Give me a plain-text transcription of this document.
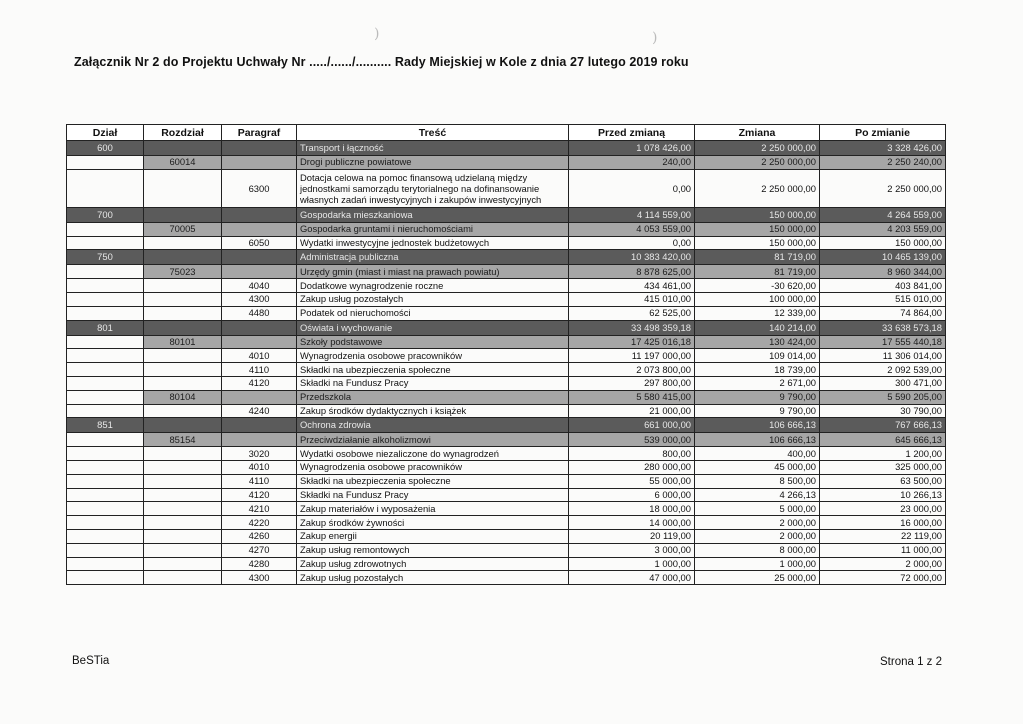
)	)
Załącznik Nr 2 do Projektu Uchwały Nr ...../....../.......... Rady Miejskiej w Kole z dnia 27 lutego 2019 roku
Dział	Rozdział	Paragraf	Treść	Przed zmianą	Zmiana	Po zmianie
600			Transport i łączność	1 078 426,00	2 250 000,00	3 328 426,00
	60014		Drogi publiczne powiatowe	240,00	2 250 000,00	2 250 240,00
		6300	Dotacja celowa na pomoc finansową udzielaną między jednostkami samorządu terytorialnego na dofinansowanie własnych zadań inwestycyjnych i zakupów inwestycyjnych	0,00	2 250 000,00	2 250 000,00
700			Gospodarka mieszkaniowa	4 114 559,00	150 000,00	4 264 559,00
	70005		Gospodarka gruntami i nieruchomościami	4 053 559,00	150 000,00	4 203 559,00
		6050	Wydatki inwestycyjne jednostek budżetowych	0,00	150 000,00	150 000,00
750			Administracja publiczna	10 383 420,00	81 719,00	10 465 139,00
	75023		Urzędy gmin (miast i miast na prawach powiatu)	8 878 625,00	81 719,00	8 960 344,00
		4040	Dodatkowe wynagrodzenie roczne	434 461,00	-30 620,00	403 841,00
		4300	Zakup usług pozostałych	415 010,00	100 000,00	515 010,00
		4480	Podatek od nieruchomości	62 525,00	12 339,00	74 864,00
801			Oświata i wychowanie	33 498 359,18	140 214,00	33 638 573,18
	80101		Szkoły podstawowe	17 425 016,18	130 424,00	17 555 440,18
		4010	Wynagrodzenia osobowe pracowników	11 197 000,00	109 014,00	11 306 014,00
		4110	Składki na ubezpieczenia społeczne	2 073 800,00	18 739,00	2 092 539,00
		4120	Składki na Fundusz Pracy	297 800,00	2 671,00	300 471,00
	80104		Przedszkola	5 580 415,00	9 790,00	5 590 205,00
		4240	Zakup środków dydaktycznych i książek	21 000,00	9 790,00	30 790,00
851			Ochrona zdrowia	661 000,00	106 666,13	767 666,13
	85154		Przeciwdziałanie alkoholizmowi	539 000,00	106 666,13	645 666,13
		3020	Wydatki osobowe niezaliczone do wynagrodzeń	800,00	400,00	1 200,00
		4010	Wynagrodzenia osobowe pracowników	280 000,00	45 000,00	325 000,00
		4110	Składki na ubezpieczenia społeczne	55 000,00	8 500,00	63 500,00
		4120	Składki na Fundusz Pracy	6 000,00	4 266,13	10 266,13
		4210	Zakup materiałów i wyposażenia	18 000,00	5 000,00	23 000,00
		4220	Zakup środków żywności	14 000,00	2 000,00	16 000,00
		4260	Zakup energii	20 119,00	2 000,00	22 119,00
		4270	Zakup usług remontowych	3 000,00	8 000,00	11 000,00
		4280	Zakup usług zdrowotnych	1 000,00	1 000,00	2 000,00
		4300	Zakup usług pozostałych	47 000,00	25 000,00	72 000,00
BeSTia	Strona 1 z 2
